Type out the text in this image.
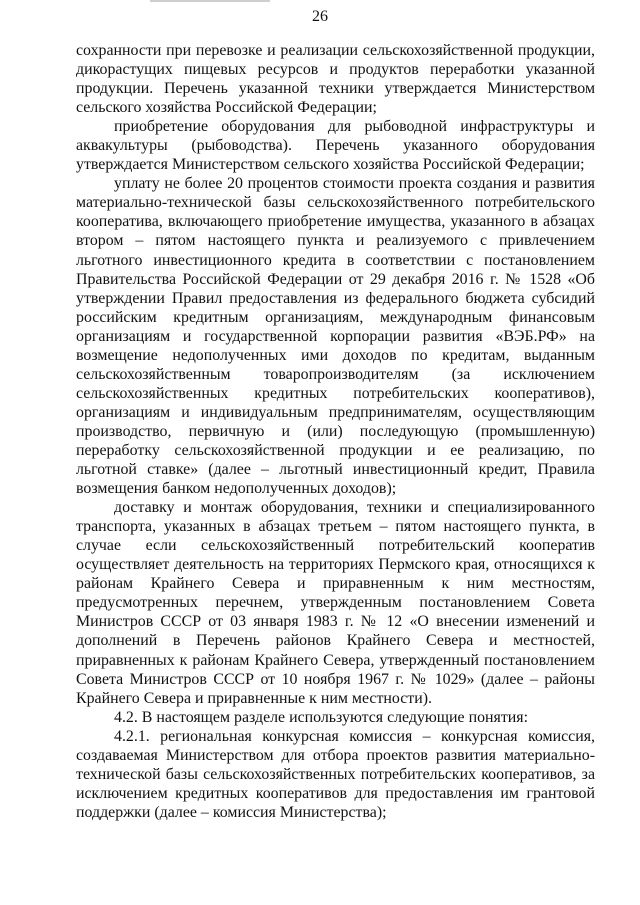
26

сохранности при перевозке и реализации сельскохозяйственной продукции, дикорастущих пищевых ресурсов и продуктов переработки указанной продукции. Перечень указанной техники утверждается Министерством сельского хозяйства Российской Федерации;

приобретение оборудования для рыбоводной инфраструктуры и аквакультуры (рыбоводства). Перечень указанного оборудования утверждается Министерством сельского хозяйства Российской Федерации;

уплату не более 20 процентов стоимости проекта создания и развития материально-технической базы сельскохозяйственного потребительского кооператива, включающего приобретение имущества, указанного в абзацах втором – пятом настоящего пункта и реализуемого с привлечением льготного инвестиционного кредита в соответствии с постановлением Правительства Российской Федерации от 29 декабря 2016 г. № 1528 «Об утверждении Правил предоставления из федерального бюджета субсидий российским кредитным организациям, международным финансовым организациям и государственной корпорации развития «ВЭБ.РФ» на возмещение недополученных ими доходов по кредитам, выданным сельскохозяйственным товаропроизводителям (за исключением сельскохозяйственных кредитных потребительских кооперативов), организациям и индивидуальным предпринимателям, осуществляющим производство, первичную и (или) последующую (промышленную) переработку сельскохозяйственной продукции и ее реализацию, по льготной ставке» (далее – льготный инвестиционный кредит, Правила возмещения банком недополученных доходов);

доставку и монтаж оборудования, техники и специализированного транспорта, указанных в абзацах третьем – пятом настоящего пункта, в случае если сельскохозяйственный потребительский кооператив осуществляет деятельность на территориях Пермского края, относящихся к районам Крайнего Севера и приравненным к ним местностям, предусмотренных перечнем, утвержденным постановлением Совета Министров СССР от 03 января 1983 г. № 12 «О внесении изменений и дополнений в Перечень районов Крайнего Севера и местностей, приравненных к районам Крайнего Севера, утвержденный постановлением Совета Министров СССР от 10 ноября 1967 г. № 1029» (далее – районы Крайнего Севера и приравненные к ним местности).

4.2. В настоящем разделе используются следующие понятия:

4.2.1. региональная конкурсная комиссия – конкурсная комиссия, создаваемая Министерством для отбора проектов развития материально-технической базы сельскохозяйственных потребительских кооперативов, за исключением кредитных кооперативов для предоставления им грантовой поддержки (далее – комиссия Министерства);
